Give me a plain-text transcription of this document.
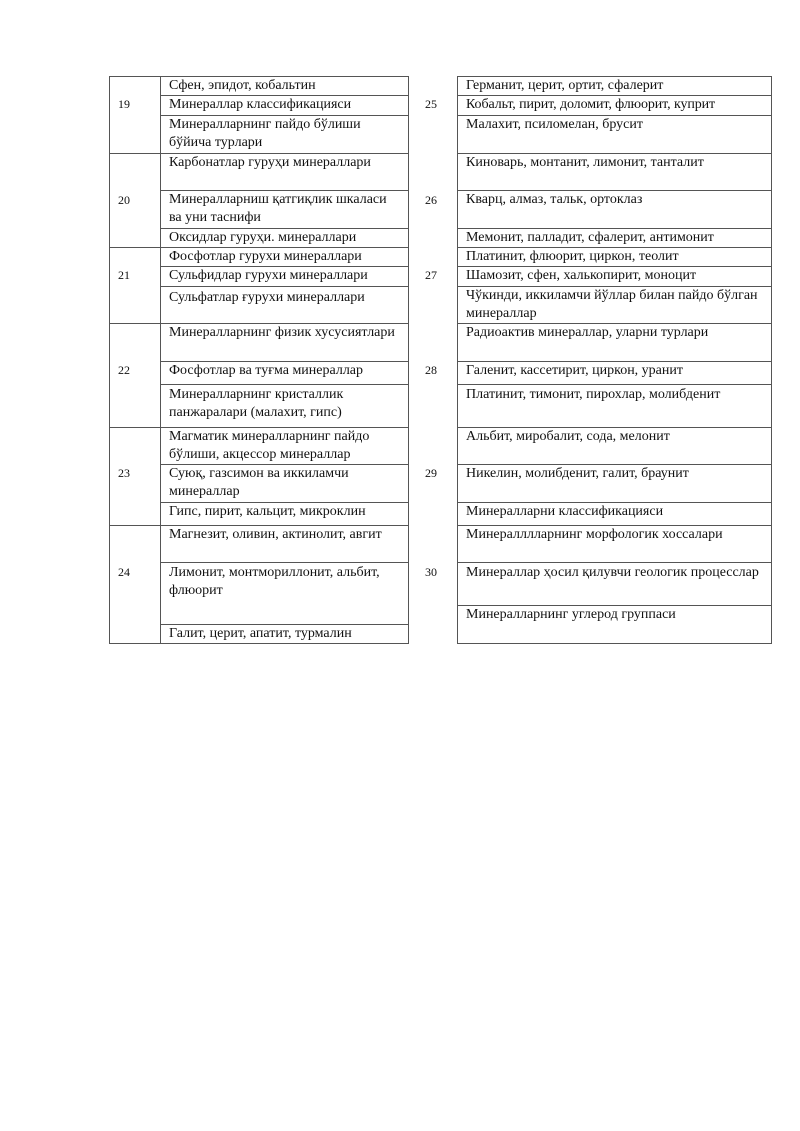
19
Сфен, эпидот, кобальтин
Минераллар классификацияси
Минералларнинг пайдо бўлиши бўйича турлари
25
Германит, церит, ортит, сфалерит
Кобальт, пирит, доломит, флюорит, куприт
Малахит, псиломелан, брусит
20
Карбонатлар гуруҳи минераллари
Минералларниш қатгиқлик шкаласи ва уни таснифи
Оксидлар гуруҳи. минераллари
26
Киноварь, монтанит, лимонит, танталит
Кварц, алмаз, тальк, ортоклаз
Мемонит, палладит, сфалерит, антимонит
21
Фосфотлар гурухи минераллари
Сульфидлар гурухи минераллари
Сульфатлар ғурухи минераллари
27
Платинит, флюорит, циркон, теолит
Шамозит, сфен, халькопирит, моноцит
Чўкинди, иккиламчи йўллар билан пайдо бўлган минераллар
22
Минералларнинг физик хусусиятлари
Фосфотлар ва туғма минераллар
Минералларнинг кристаллик панжаралари (малахит, гипс)
28
Радиоактив минераллар, уларни турлари
Галенит, кассетирит, циркон, уранит
Платинит, тимонит, пирохлар, молибденит
23
Магматик минералларнинг пайдо бўлиши, акцессор минераллар
Суюқ, газсимон ва иккиламчи минераллар
Гипс, пирит, кальцит, микроклин
29
Альбит, миробалит, сода, мелонит
Никелин, молибденит, галит, браунит
Минералларни классификацияси
24
Магнезит, оливин, актинолит, авгит
Лимонит, монтмориллонит, альбит, флюорит
Галит, церит, апатит, турмалин
30
Минералллларнинг морфологик хоссалари
Минераллар ҳосил қилувчи геологик процесслар
Минералларнинг углерод группаси
